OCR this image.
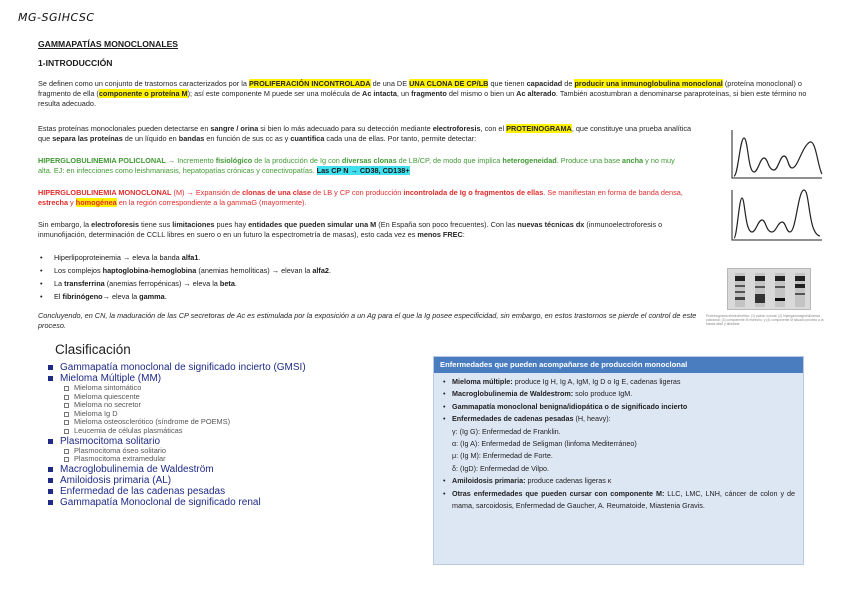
MG-SGIHCSC
GAMMAPATÍAS MONOCLONALES
1-INTRODUCCIÓN
Se definen como un conjunto de trastornos caracterizados por la PROLIFERACIÓN INCONTROLADA de una DE UNA CLONA DE CP/LB que tienen capacidad de producir una inmunoglobulina monoclonal (proteína monoclonal) o fragmento de ella (componente o proteína M); así este componente M puede ser una molécula de Ac intacta, un fragmento del mismo o bien un Ac alterado. También acostumbran a denominarse paraproteínas, si bien este término no resulta adecuado.
Estas proteínas monoclonales pueden detectarse en sangre / orina si bien lo más adecuado para su detección mediante electroforesis, con el PROTEINOGRAMA, que constituye una prueba analítica que separa las proteínas de un líquido en bandas en función de sus cc as y cuantifica cada una de ellas. Por tanto, permite detectar:
HIPERGLOBULINEMIA POLICLONAL → Incremento fisiológico de la producción de Ig con diversas clonas de LB/CP, de modo que implica heterogeneidad. Produce una base ancha y no muy alta. EJ: en infecciones como leishmaniasis, hepatopatías crónicas y conectivopatías. Las CP N → CD38, CD138+
HIPERGLOBULINEMIA MONOCLONAL (M) → Expansión de clonas de una clase de LB y CP con producción incontrolada de Ig o fragmentos de ellas. Se manifiestan en forma de banda densa, estrecha y homogénea en la región correspondiente a la gammaG (mayormente).
Sin embargo, la electroforesis tiene sus limitaciones pues hay entidades que pueden simular una M (En España son poco frecuentes). Con las nuevas técnicas dx (inmunoelectroforesis o inmunofijación, determinación de CCLL libres en suero o en un futuro la espectrometría de masas), esto cada vez es menos FREC:
• Hiperlipoproteinemia → eleva la banda alfa1.
• Los complejos haptoglobina-hemoglobina (anemias hemolíticas) → elevan la alfa2.
• La transferrina (anemias ferropénicas) → eleva la beta.
• El fibrinógeno→ eleva la gamma.
Concluyendo, en CN, la maduración de las CP secretoras de Ac es estimulada por la exposición a un Ag para el que la Ig posee especificidad, sin embargo, en estos trastornos se pierde el control de este proceso.
Proteinograma electroforético: (1) patrón normal; (2) hipergammaglobulinemia policlonal; (3) componente M estrecho; y (4) componente M situado próximo a la banda alfa2 y alfa/beta
Clasificación
Gammapatía monoclonal de significado incierto (GMSI)
Mieloma Múltiple (MM)
Mieloma sintomático
Mieloma quiescente
Mieloma no secretor
Mieloma Ig D
Mieloma osteosclerótico (síndrome de POEMS)
Leucemia de células plasmáticas
Plasmocitoma solitario
Plasmocitoma óseo solitario
Plasmocitoma extramedular
Macroglobulinemia de Waldeström
Amiloidosis primaria (AL)
Enfermedad de las cadenas pesadas
Gammapatía Monoclonal de significado renal
Enfermedades que pueden acompañarse de producción monoclonal
• Mieloma múltiple: produce Ig H, Ig A, IgM, Ig D o Ig E, cadenas ligeras
• Macroglobulinemia de Waldestrom: solo produce IgM.
• Gammapatía monoclonal benigna/idiopática o de significado incierto
• Enfermedades de cadenas pesadas (H, heavy):
γ: (Ig G): Enfermedad de Franklin.
α: (Ig A): Enfermedad de Seligman (linfoma Mediterráneo)
μ: (Ig M): Enfermedad de Forte.
δ: (IgD): Enfermedad de Vilpo.
• Amiloidosis primaria: produce cadenas ligeras κ
• Otras enfermedades que pueden cursar con componente M: LLC, LMC, LNH, cáncer de colon y de mama, sarcoidosis, Enfermedad de Gaucher, A. Reumatoide, Miastenia Gravis.
